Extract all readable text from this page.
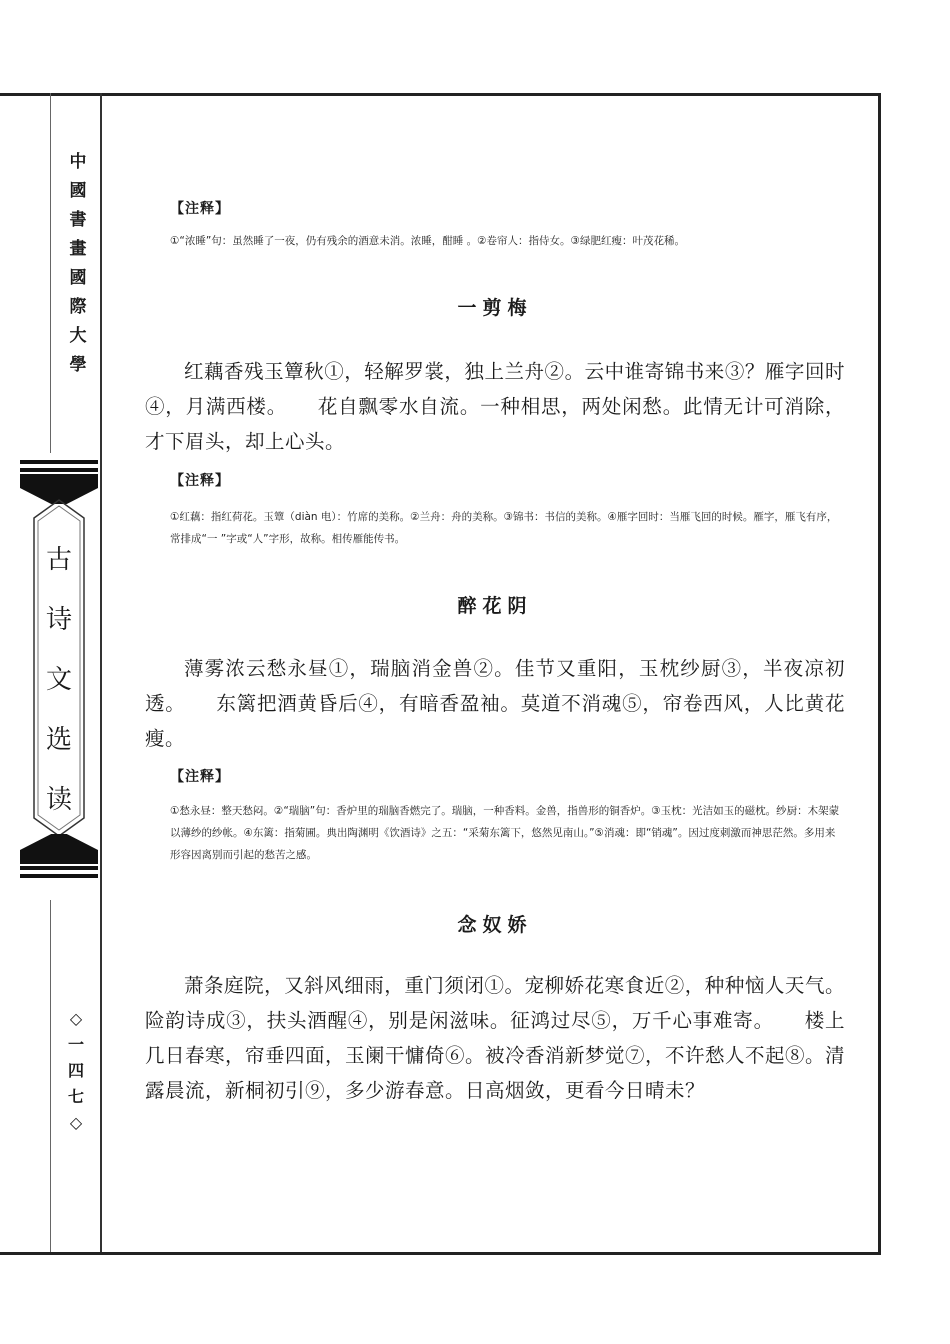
中
國
書
畫
國
際
大
學
古
诗
文
选
读
◇
一
四
七
◇
【注释】
①“浓睡”句：虽然睡了一夜，仍有残余的酒意未消。浓睡，酣睡 。②卷帘人：指侍女。③绿肥红瘦：叶茂花稀。
一剪梅
红藕香残玉簟秋①，轻解罗裳，独上兰舟②。云中谁寄锦书来③？雁字回时④，月满西楼。　　花自飘零水自流。一种相思，两处闲愁。此情无计可消除，才下眉头，却上心头。
【注释】
①红藕：指红荷花。玉簟（diàn 电）：竹席的美称。②兰舟：舟的美称。③锦书：书信的美称。④雁字回时：当雁飞回的时候。雁字，雁飞有序，常排成“一 ”字或“人”字形，故称。相传雁能传书。
醉花阴
薄雾浓云愁永昼①，瑞脑消金兽②。佳节又重阳，玉枕纱厨③，半夜凉初透。　　东篱把酒黄昏后④，有暗香盈袖。莫道不消魂⑤，帘卷西风，人比黄花瘦。
【注释】
①愁永昼：整天愁闷。②“瑞脑”句：香炉里的瑞脑香燃完了。瑞脑，一种香料。金兽，指兽形的铜香炉。③玉枕：光洁如玉的磁枕。纱厨：木架蒙以薄纱的纱帐。④东篱：指菊圃。典出陶渊明《饮酒诗》之五：“采菊东篱下，悠然见南山。”⑤消魂：即“销魂”。因过度刺激而神思茫然。多用来形容因离别而引起的愁苦之感。
念奴娇
萧条庭院，又斜风细雨，重门须闭①。宠柳娇花寒食近②，种种恼人天气。险韵诗成③，扶头酒醒④，别是闲滋味。征鸿过尽⑤，万千心事难寄。　　楼上几日春寒，帘垂四面，玉阑干慵倚⑥。被冷香消新梦觉⑦，不许愁人不起⑧。清露晨流，新桐初引⑨，多少游春意。日高烟敛，更看今日晴未？
